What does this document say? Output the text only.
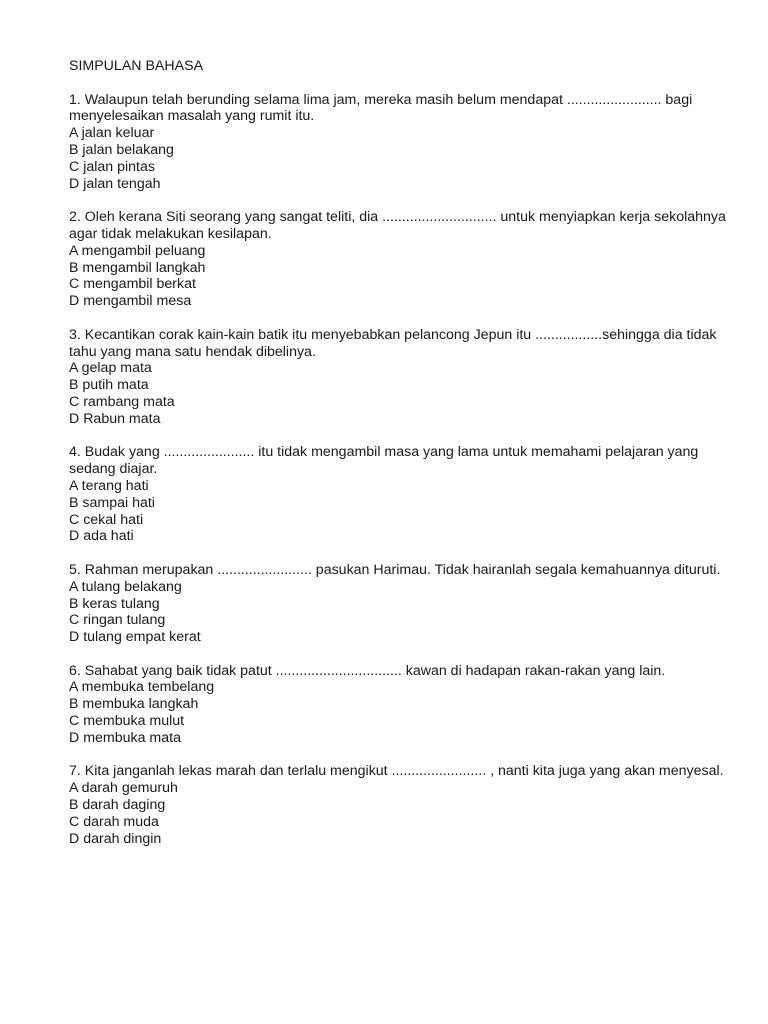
SIMPULAN BAHASA

1. Walaupun telah berunding selama lima jam, mereka masih belum mendapat ........................ bagi menyelesaikan masalah yang rumit itu.

A jalan keluar
B jalan belakang
C jalan pintas
D jalan tengah

2. Oleh kerana Siti seorang yang sangat teliti, dia ............................. untuk menyiapkan kerja sekolahnya agar tidak melakukan kesilapan.

A mengambil peluang
B mengambil langkah
C mengambil berkat
D mengambil mesa

3. Kecantikan corak kain-kain batik itu menyebabkan pelancong Jepun itu .................sehingga dia tidak tahu yang mana satu hendak dibelinya.

A gelap mata
B putih mata
C rambang mata
D Rabun mata

4. Budak yang ....................... itu tidak mengambil masa yang lama untuk memahami pelajaran yang sedang diajar.

A terang hati
B sampai hati
C cekal hati
D ada hati

5. Rahman merupakan ........................ pasukan Harimau. Tidak hairanlah segala kemahuannya dituruti.

A tulang belakang
B keras tulang
C ringan tulang
D tulang empat kerat

6. Sahabat yang baik tidak patut ................................ kawan di hadapan rakan-rakan yang lain.

A membuka tembelang
B membuka langkah
C membuka mulut
D membuka mata

7. Kita janganlah lekas marah dan terlalu mengikut ........................ , nanti kita juga yang akan menyesal.

A darah gemuruh
B darah daging
C darah muda
D darah dingin
